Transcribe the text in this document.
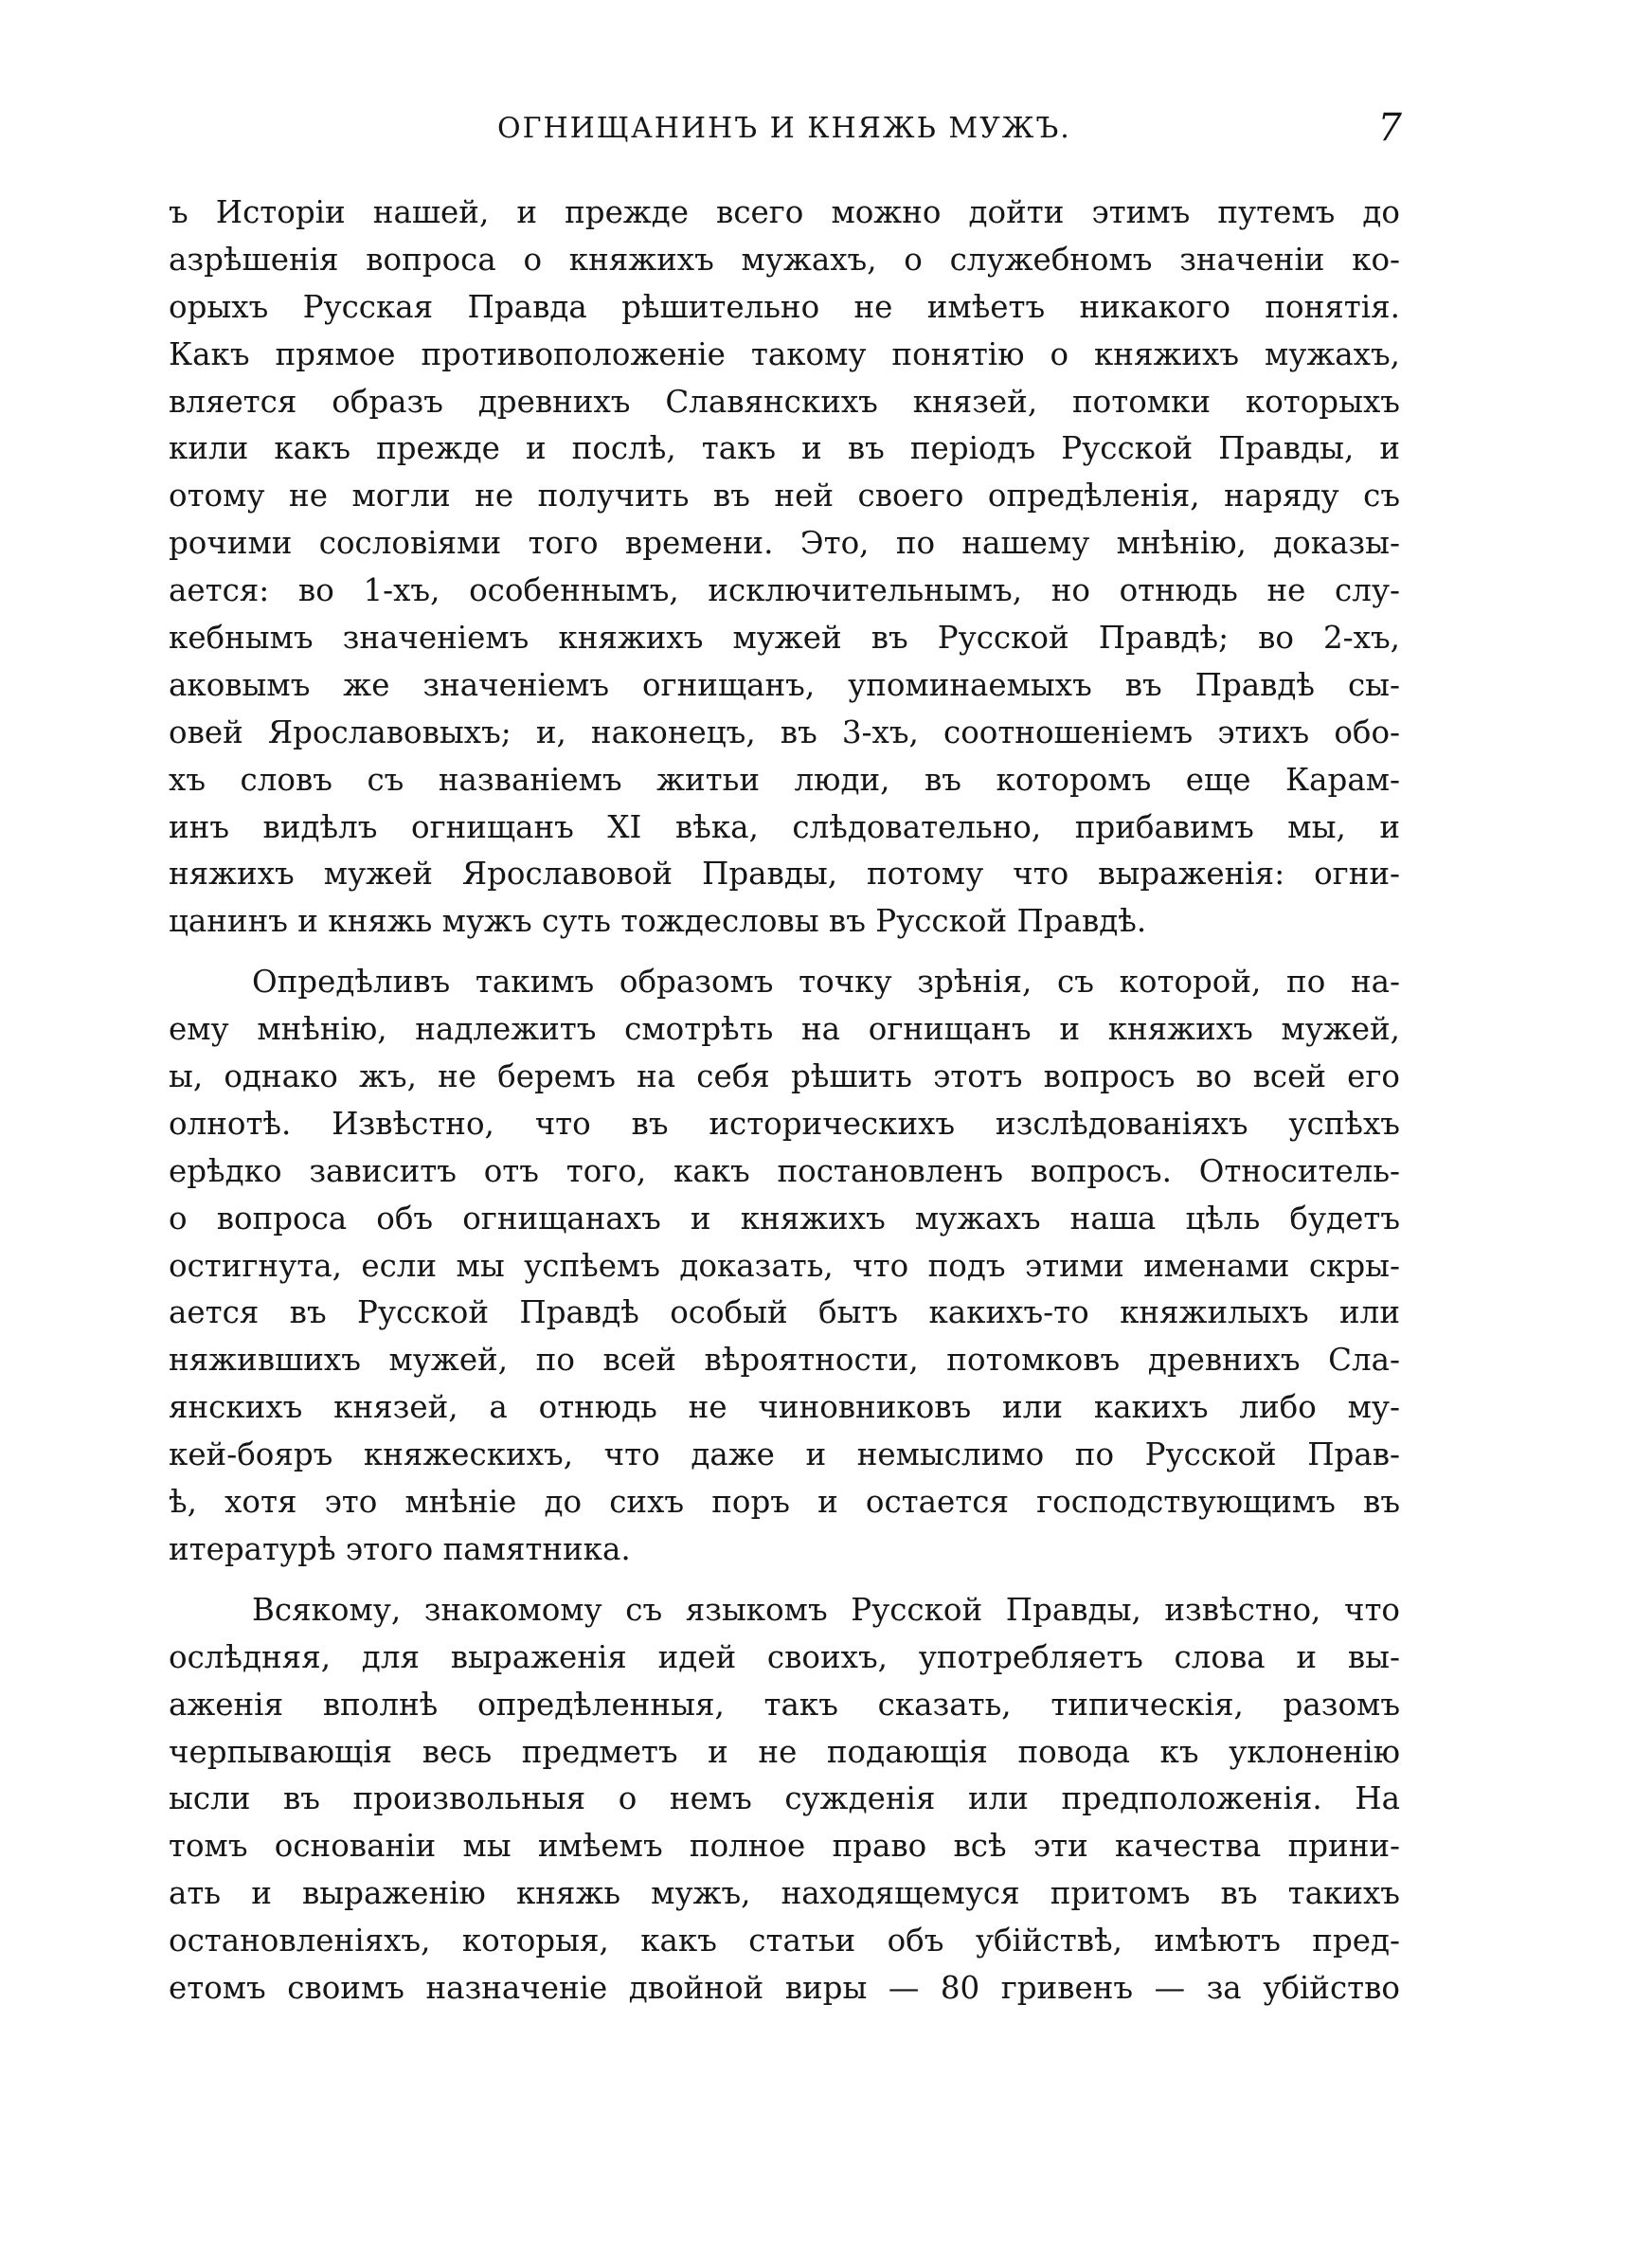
ОГНИЩАНИНЪ И КНЯЖЬ МУЖЪ.	7
ъ Исторіи нашей, и прежде всего можно дойти этимъ путемъ до
азрѣшенія вопроса о княжихъ мужахъ, о служебномъ значеніи ко-
орыхъ Русская Правда рѣшительно не имѣетъ никакого понятія.
Какъ прямое противоположеніе такому понятію о княжихъ мужахъ,
вляется образъ древнихъ Славянскихъ князей, потомки которыхъ
кили какъ прежде и послѣ, такъ и въ періодъ Русской Правды, и
отому не могли не получить въ ней своего опредѣленія, наряду съ
рочими сословіями того времени. Это, по нашему мнѣнію, доказы-
ается: во 1-хъ, особеннымъ, исключительнымъ, но отнюдь не слу-
кебнымъ значеніемъ княжихъ мужей въ Русской Правдѣ; во 2-хъ,
аковымъ же значеніемъ огнищанъ, упоминаемыхъ въ Правдѣ сы-
овей Ярославовыхъ; и, наконецъ, въ 3-хъ, соотношеніемъ этихъ обо-
хъ словъ съ названіемъ житьи люди, въ которомъ еще Карам-
инъ видѣлъ огнищанъ XI вѣка, слѣдовательно, прибавимъ мы, и
няжихъ мужей Ярославовой Правды, потому что выраженія: огни-
цанинъ и княжь мужъ суть тождесловы въ Русской Правдѣ.
Опредѣливъ такимъ образомъ точку зрѣнія, съ которой, по на-
ему мнѣнію, надлежитъ смотрѣть на огнищанъ и княжихъ мужей,
ы, однако жъ, не беремъ на себя рѣшить этотъ вопросъ во всей его
олнотѣ. Извѣстно, что въ историческихъ изслѣдованіяхъ успѣхъ
ерѣдко зависитъ отъ того, какъ постановленъ вопросъ. Относитель-
о вопроса объ огнищанахъ и княжихъ мужахъ наша цѣль будетъ
остигнута, если мы успѣемъ доказать, что подъ этими именами скры-
ается въ Русской Правдѣ особый бытъ какихъ-то княжилыхъ или
няжившихъ мужей, по всей вѣроятности, потомковъ древнихъ Сла-
янскихъ князей, а отнюдь не чиновниковъ или какихъ либо му-
кей-бояръ княжескихъ, что даже и немыслимо по Русской Прав-
ѣ, хотя это мнѣніе до сихъ поръ и остается господствующимъ въ
итературѣ этого памятника.
Всякому, знакомому съ языкомъ Русской Правды, извѣстно, что
ослѣдняя, для выраженія идей своихъ, употребляетъ слова и вы-
аженія вполнѣ опредѣленныя, такъ сказать, типическія, разомъ
черпывающія весь предметъ и не подающія повода къ уклоненію
ысли въ произвольныя о немъ сужденія или предположенія. На
томъ основаніи мы имѣемъ полное право всѣ эти качества прини-
ать и выраженію княжь мужъ, находящемуся притомъ въ такихъ
остановленіяхъ, которыя, какъ статьи объ убійствѣ, имѣютъ пред-
етомъ своимъ назначеніе двойной виры — 80 гривенъ — за убійство
